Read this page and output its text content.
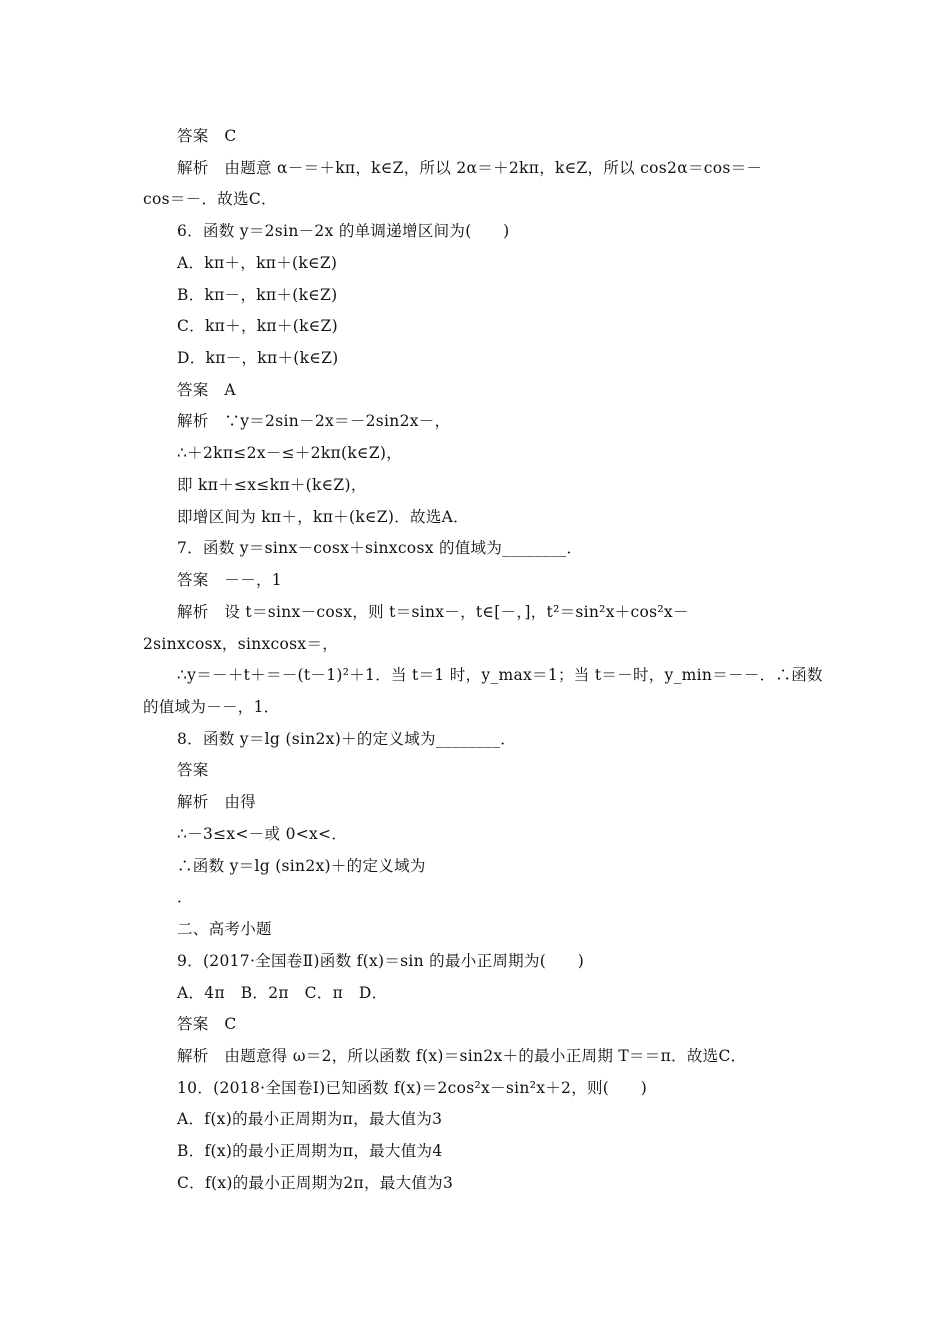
答案　C
解析　由题意 α－＝＋kπ，k∈Z，所以 2α＝＋2kπ，k∈Z，所以 cos2α＝cos＝－
cos＝－．故选C．
6．函数 y＝2sin－2x 的单调递增区间为(　　)
A．kπ＋，kπ＋(k∈Z)
B．kπ－，kπ＋(k∈Z)
C．kπ＋，kπ＋(k∈Z)
D．kπ－，kπ＋(k∈Z)
答案　A
解析　∵y＝2sin－2x＝－2sin2x－，
∴＋2kπ≤2x－≤＋2kπ(k∈Z)，
即 kπ＋≤x≤kπ＋(k∈Z)，
即增区间为 kπ＋，kπ＋(k∈Z)．故选A．
7．函数 y＝sinx－cosx＋sinxcosx 的值域为________．
答案　－－，1
解析　设 t＝sinx－cosx，则 t＝sinx－，t∈[－，]，t²＝sin²x＋cos²x－
2sinxcosx，sinxcosx＝，
∴y＝－＋t＋＝－(t－1)²＋1．当 t＝1 时，y_max＝1；当 t＝－时，y_min＝－－．∴函数
的值域为－－，1．
8．函数 y＝lg (sin2x)＋的定义域为________．
答案
解析　由得
∴－3≤x<－或 0<x<．
∴函数 y＝lg (sin2x)＋的定义域为
．
二、高考小题
9．(2017·全国卷Ⅱ)函数 f(x)＝sin 的最小正周期为(　　)
A．4π　B．2π　C．π　D．
答案　C
解析　由题意得 ω＝2，所以函数 f(x)＝sin2x＋的最小正周期 T＝＝π．故选C．
10．(2018·全国卷Ⅰ)已知函数 f(x)＝2cos²x－sin²x＋2，则(　　)
A．f(x)的最小正周期为π，最大值为3
B．f(x)的最小正周期为π，最大值为4
C．f(x)的最小正周期为2π，最大值为3
